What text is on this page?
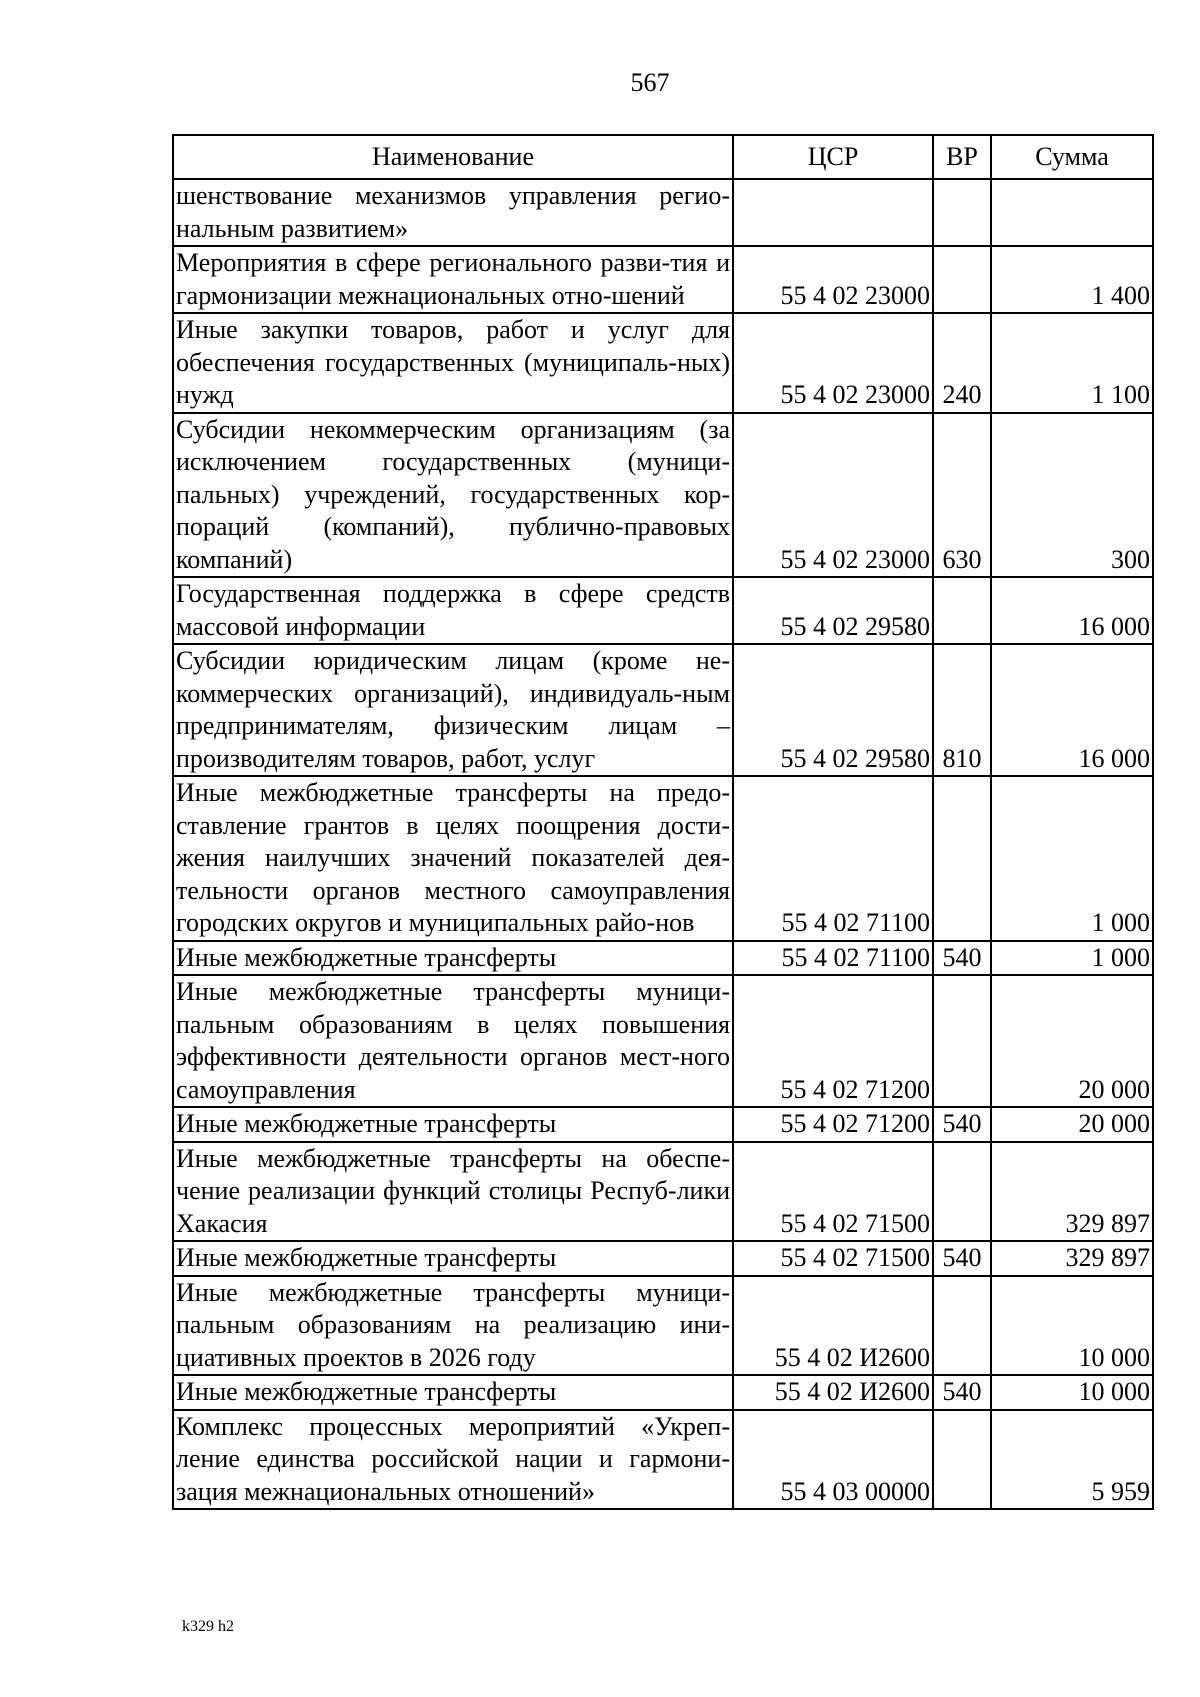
567
Наименование	ЦСР	ВР	Сумма
шенствование механизмов управления регио-нальным развитием»			
Мероприятия в сфере регионального разви-тия и гармонизации межнациональных отно-шений	55 4 02 23000		1 400
Иные закупки товаров, работ и услуг для обеспечения государственных (муниципаль-ных) нужд	55 4 02 23000	240	1 100
Субсидии некоммерческим организациям (за исключением государственных (муници-пальных) учреждений, государственных кор-пораций (компаний), публично-правовых компаний)	55 4 02 23000	630	300
Государственная поддержка в сфере средств массовой информации	55 4 02 29580		16 000
Субсидии юридическим лицам (кроме не-коммерческих организаций), индивидуаль-ным предпринимателям, физическим лицам – производителям товаров, работ, услуг	55 4 02 29580	810	16 000
Иные межбюджетные трансферты на предо-ставление грантов в целях поощрения дости-жения наилучших значений показателей дея-тельности органов местного самоуправления городских округов и муниципальных райо-нов	55 4 02 71100		1 000
Иные межбюджетные трансферты	55 4 02 71100	540	1 000
Иные межбюджетные трансферты муници-пальным образованиям в целях повышения эффективности деятельности органов мест-ного самоуправления	55 4 02 71200		20 000
Иные межбюджетные трансферты	55 4 02 71200	540	20 000
Иные межбюджетные трансферты на обеспе-чение реализации функций столицы Респуб-лики Хакасия	55 4 02 71500		329 897
Иные межбюджетные трансферты	55 4 02 71500	540	329 897
Иные межбюджетные трансферты муници-пальным образованиям на реализацию ини-циативных проектов в 2026 году	55 4 02 И2600		10 000
Иные межбюджетные трансферты	55 4 02 И2600	540	10 000
Комплекс процессных мероприятий «Укреп-ление единства российской нации и гармони-зация межнациональных отношений»	55 4 03 00000		5 959
k329 h2
